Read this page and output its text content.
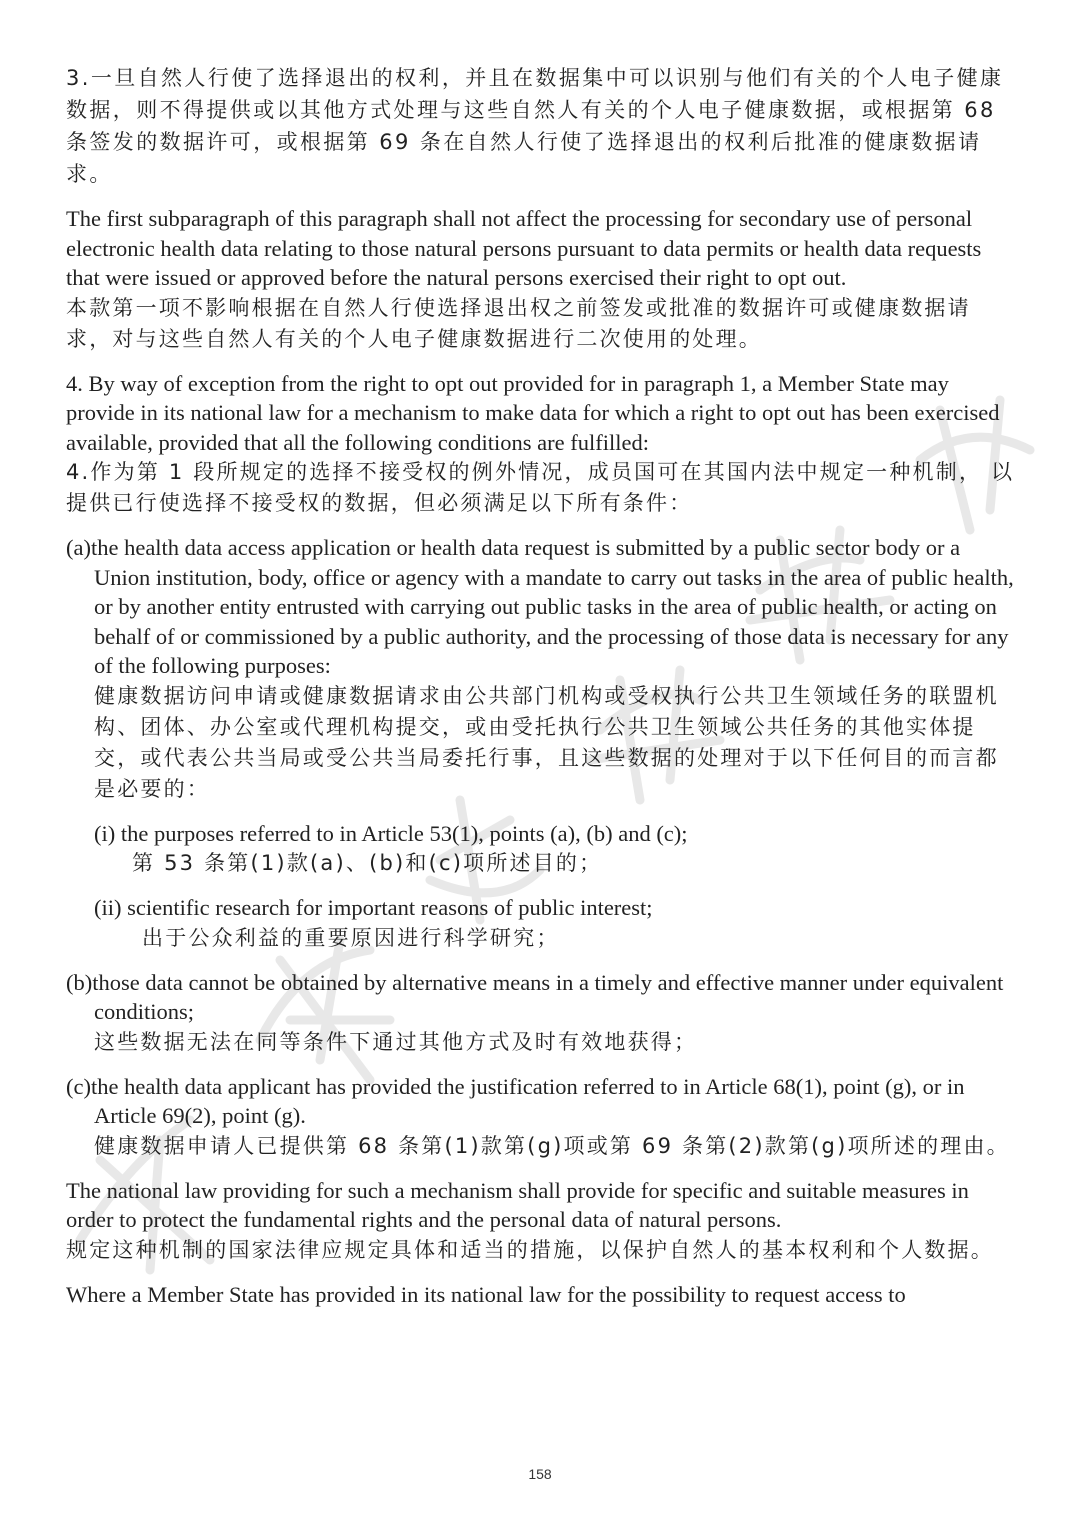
3.一旦自然人行使了选择退出的权利，并且在数据集中可以识别与他们有关的个人电子健康数据，则不得提供或以其他方式处理与这些自然人有关的个人电子健康数据，或根据第 68 条签发的数据许可，或根据第 69 条在自然人行使了选择退出的权利后批准的健康数据请求。

The first subparagraph of this paragraph shall not affect the processing for secondary use of personal electronic health data relating to those natural persons pursuant to data permits or health data requests that were issued or approved before the natural persons exercised their right to opt out.

本款第一项不影响根据在自然人行使选择退出权之前签发或批准的数据许可或健康数据请求，对与这些自然人有关的个人电子健康数据进行二次使用的处理。

4. By way of exception from the right to opt out provided for in paragraph 1, a Member State may provide in its national law for a mechanism to make data for which a right to opt out has been exercised available, provided that all the following conditions are fulfilled:

4.作为第 1 段所规定的选择不接受权的例外情况，成员国可在其国内法中规定一种机制， 以提供已行使选择不接受权的数据，但必须满足以下所有条件：

(a)the health data access application or health data request is submitted by a public sector body or a Union institution, body, office or agency with a mandate to carry out tasks in the area of public health, or by another entity entrusted with carrying out public tasks in the area of public health, or acting on behalf of or commissioned by a public authority, and the processing of those data is necessary for any of the following purposes:

健康数据访问申请或健康数据请求由公共部门机构或受权执行公共卫生领域任务的联盟机构、团体、办公室或代理机构提交，或由受托执行公共卫生领域公共任务的其他实体提交，或代表公共当局或受公共当局委托行事，且这些数据的处理对于以下任何目的而言都是必要的：

(i) the purposes referred to in Article 53(1), points (a), (b) and (c);

第 53 条第(1)款(a)、(b)和(c)项所述目的；

(ii) scientific research for important reasons of public interest;

出于公众利益的重要原因进行科学研究；

(b)those data cannot be obtained by alternative means in a timely and effective manner under equivalent conditions;

这些数据无法在同等条件下通过其他方式及时有效地获得；

(c)the health data applicant has provided the justification referred to in Article 68(1), point (g), or in Article 69(2), point (g).

健康数据申请人已提供第 68 条第(1)款第(g)项或第 69 条第(2)款第(g)项所述的理由。

The national law providing for such a mechanism shall provide for specific and suitable measures in order to protect the fundamental rights and the personal data of natural persons.

规定这种机制的国家法律应规定具体和适当的措施，以保护自然人的基本权利和个人数据。

Where a Member State has provided in its national law for the possibility to request access to

158
